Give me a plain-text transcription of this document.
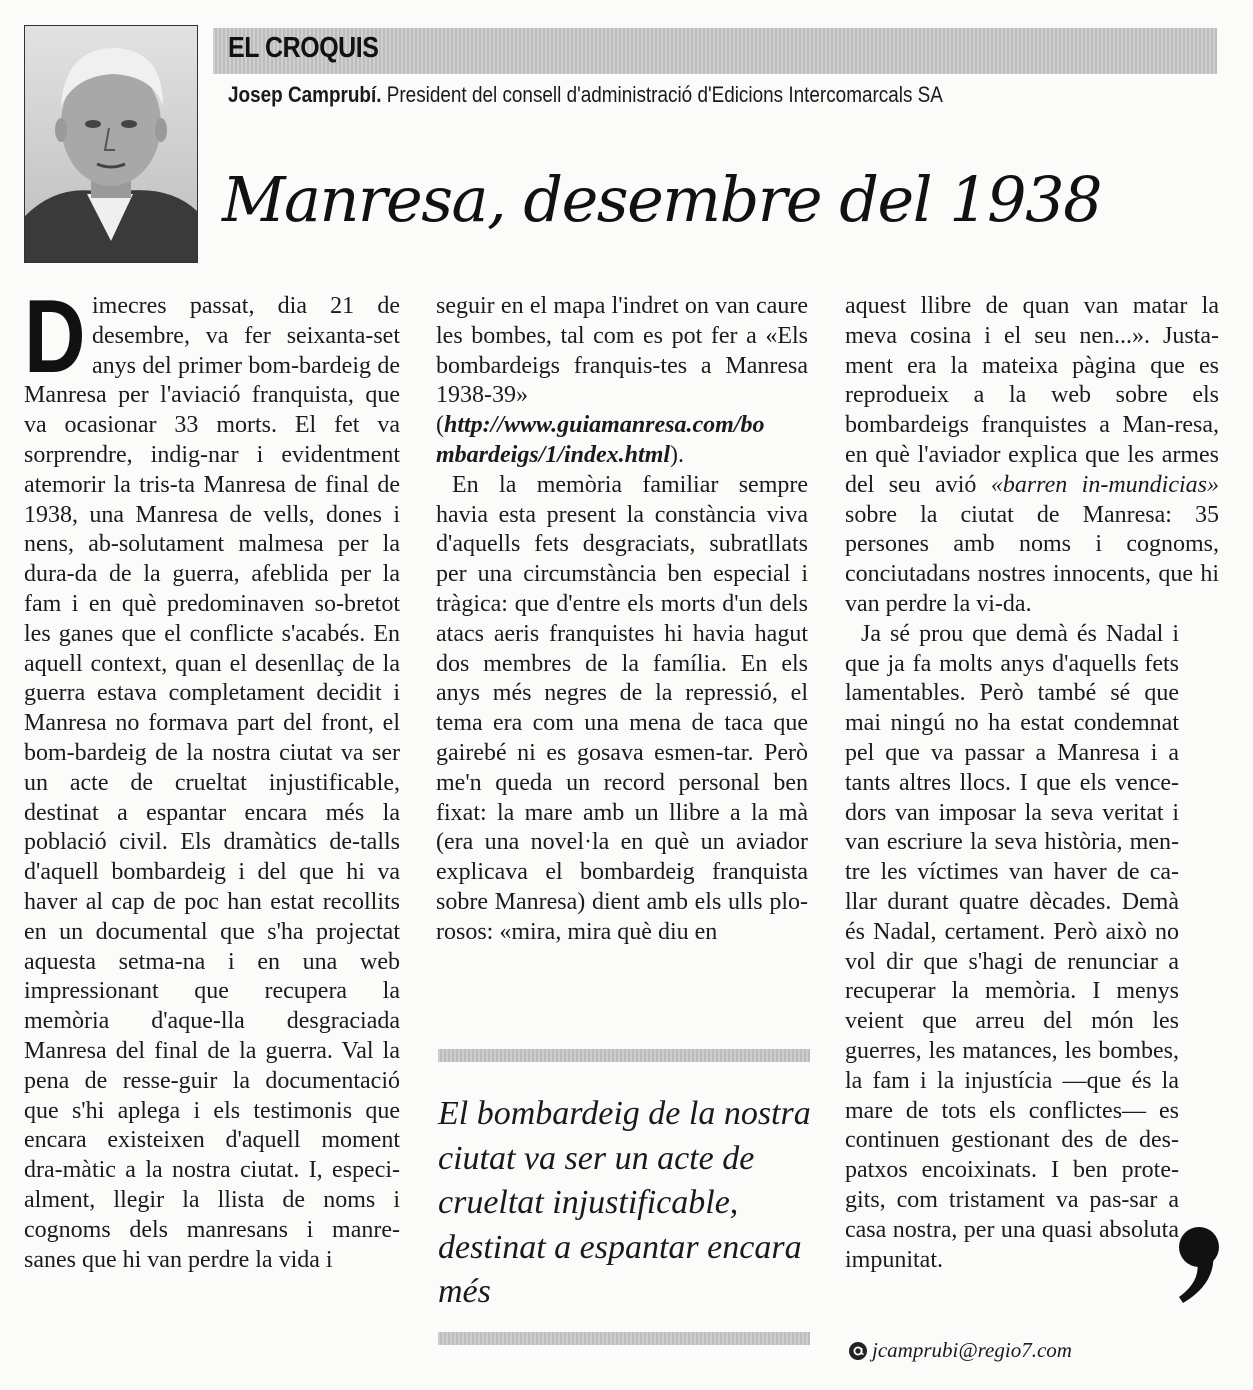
EL CROQUIS
Josep Camprubí. President del consell d'administració d'Edicions Intercomarcals SA
Manresa, desembre del 1938

Dimecres passat, dia 21 de desembre, va fer seixanta-set anys del primer bom-bardeig de Manresa per l'aviació franquista, que va ocasionar 33 morts. El fet va sorprendre, indig-nar i evidentment atemorir la tris-ta Manresa de final de 1938, una Manresa de vells, dones i nens, ab-solutament malmesa per la dura-da de la guerra, afeblida per la fam i en què predominaven so-bretot les ganes que el conflicte s'acabés. En aquell context, quan el desenllaç de la guerra estava completament decidit i Manresa no formava part del front, el bom-bardeig de la nostra ciutat va ser un acte de crueltat injustificable, destinat a espantar encara més la població civil. Els dramàtics de-talls d'aquell bombardeig i del que hi va haver al cap de poc han estat recollits en un documental que s'ha projectat aquesta setma-na i en una web impressionant que recupera la memòria d'aque-lla desgraciada Manresa del final de la guerra. Val la pena de resse-guir la documentació que s'hi aplega i els testimonis que encara existeixen d'aquell moment dra-màtic a la nostra ciutat. I, especi-alment, llegir la llista de noms i cognoms dels manresans i manre-sanes que hi van perdre la vida i

seguir en el mapa l'indret on van caure les bombes, tal com es pot fer a «Els bombardeigs franquis-tes a Manresa 1938-39» (http://www.guiamanresa.com/bo mbardeigs/1/index.html).

En la memòria familiar sempre havia esta present la constància viva d'aquells fets desgraciats, subratllats per una circumstància ben especial i tràgica: que d'entre els morts d'un dels atacs aeris franquistes hi havia hagut dos membres de la família. En els anys més negres de la repressió, el tema era com una mena de taca que gairebé ni es gosava esmen-tar. Però me'n queda un record personal ben fixat: la mare amb un llibre a la mà (era una novel·la en què un aviador explicava el bombardeig franquista sobre Manresa) dient amb els ulls plo-rosos: «mira, mira què diu en

El bombardeig de la nostra ciutat va ser un acte de crueltat injustificable, destinat a espantar encara més

aquest llibre de quan van matar la meva cosina i el seu nen...». Justa-ment era la mateixa pàgina que es reprodueix a la web sobre els bombardeigs franquistes a Man-resa, en què l'aviador explica que les armes del seu avió «barren in-mundicias» sobre la ciutat de Manresa: 35 persones amb noms i cognoms, conciutadans nostres innocents, que hi van perdre la vi-da.

Ja sé prou que demà és Nadal i que ja fa molts anys d'aquells fets lamentables. Però també sé que mai ningú no ha estat condemnat pel que va passar a Manresa i a tants altres llocs. I que els vence-dors van imposar la seva veritat i van escriure la seva història, men-tre les víctimes van haver de ca-llar durant quatre dècades. Demà és Nadal, certament. Però això no vol dir que s'hagi de renunciar a recuperar la memòria. I menys veient que arreu del món les guerres, les matances, les bombes, la fam i la injustícia —que és la mare de tots els conflictes— es continuen gestionant des de des-patxos encoixinats. I ben prote-gits, com tristament va pas-sar a casa nostra, per una quasi absoluta impunitat.

jcamprubi@regio7.com
